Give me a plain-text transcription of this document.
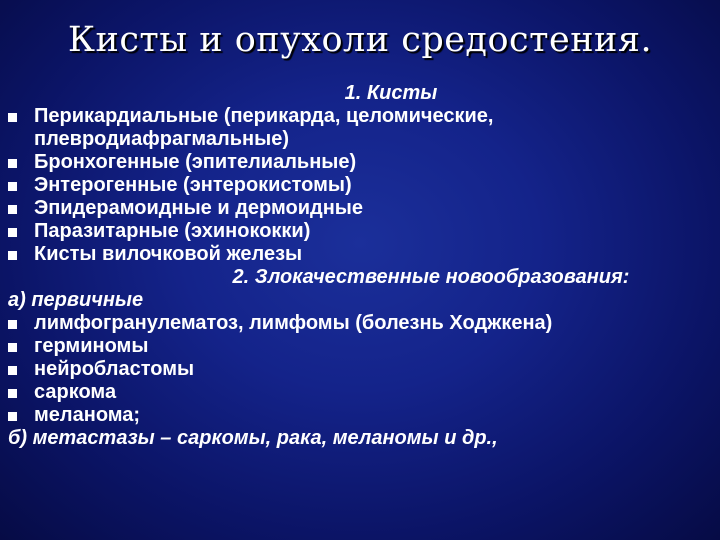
Кисты и опухоли средостения.
1. Кисты
Перикардиальные (перикарда, целомические,
плевродиафрагмальные)
Бронхогенные (эпителиальные)
Энтерогенные (энтерокистомы)
Эпидерамоидные и дермоидные
Паразитарные (эхинококки)
Кисты вилочковой железы
2. Злокачественные новообразования:
а) первичные
лимфогранулематоз, лимфомы (болезнь Ходжкена)
герминомы
нейробластомы
саркома
меланома;
б) метастазы – саркомы, рака, меланомы и др.,
